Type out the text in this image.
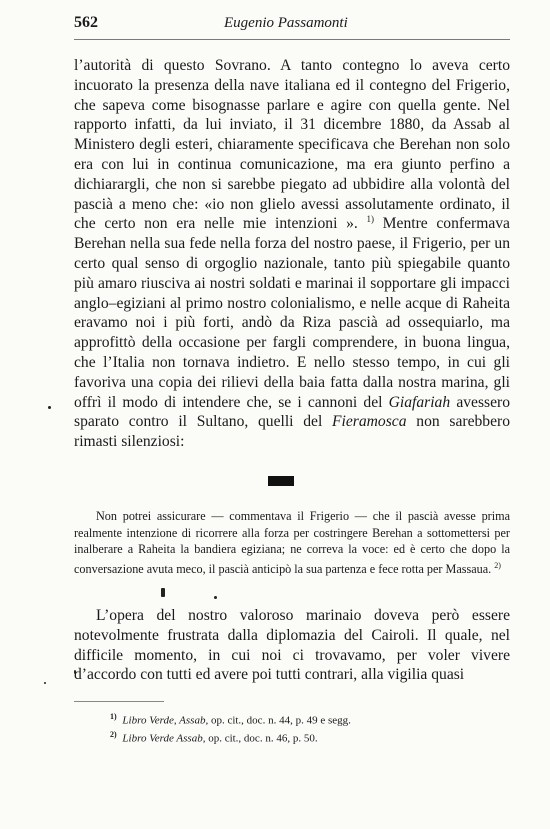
562	Eugenio Passamonti

l’autorità di questo Sovrano. A tanto contegno lo aveva certo incuorato la presenza della nave italiana ed il contegno del Frigerio, che sapeva come bisognasse parlare e agire con quella gente. Nel rapporto infatti, da lui inviato, il 31 dicembre 1880, da Assab al Ministero degli esteri, chiaramente specificava che Berehan non solo era con lui in continua comunicazione, ma era giunto perfino a dichiarargli, che non si sarebbe piegato ad ubbidire alla volontà del pascià a meno che: «io non glielo avessi assolutamente ordinato, il che certo non era nelle mie intenzioni ». $^{1)}$ Mentre confermava Berehan nella sua fede nella forza del nostro paese, il Frigerio, per un certo qual senso di orgoglio nazionale, tanto più spiegabile quanto più amaro riusciva ai nostri soldati e marinai il sopportare gli impacci anglo–egiziani al primo nostro colonialismo, e nelle acque di Raheita eravamo noi i più forti, andò da Riza pascià ad ossequiarlo, ma approfittò della occasione per fargli comprendere, in buona lingua, che l’Italia non tornava indietro. E nello stesso tempo, in cui gli favoriva una copia dei rilievi della baia fatta dalla nostra marina, gli offrì il modo di intendere che, se i cannoni del Giafariah avessero sparato contro il Sultano, quelli del Fieramosca non sarebbero rimasti silenziosi:

Non potrei assicurare — commentava il Frigerio — che il pascià avesse prima realmente intenzione di ricorrere alla forza per costringere Berehan a sottomettersi per inalberare a Raheita la bandiera egiziana; ne correva la voce: ed è certo che dopo la conversazione avuta meco, il pascià anticipò la sua partenza e fece rotta per Massaua. $^{2)}$

L’opera del nostro valoroso marinaio doveva però essere notevolmente frustrata dalla diplomazia del Cairoli. Il quale, nel difficile momento, in cui noi ci trovavamo, per voler vivere d’accordo con tutti ed avere poi tutti contrari, alla vigilia quasi

$^{1)}$ Libro Verde, Assab, op. cit., doc. n. 44, p. 49 e segg.
$^{2)}$ Libro Verde Assab, op. cit., doc. n. 46, p. 50.
